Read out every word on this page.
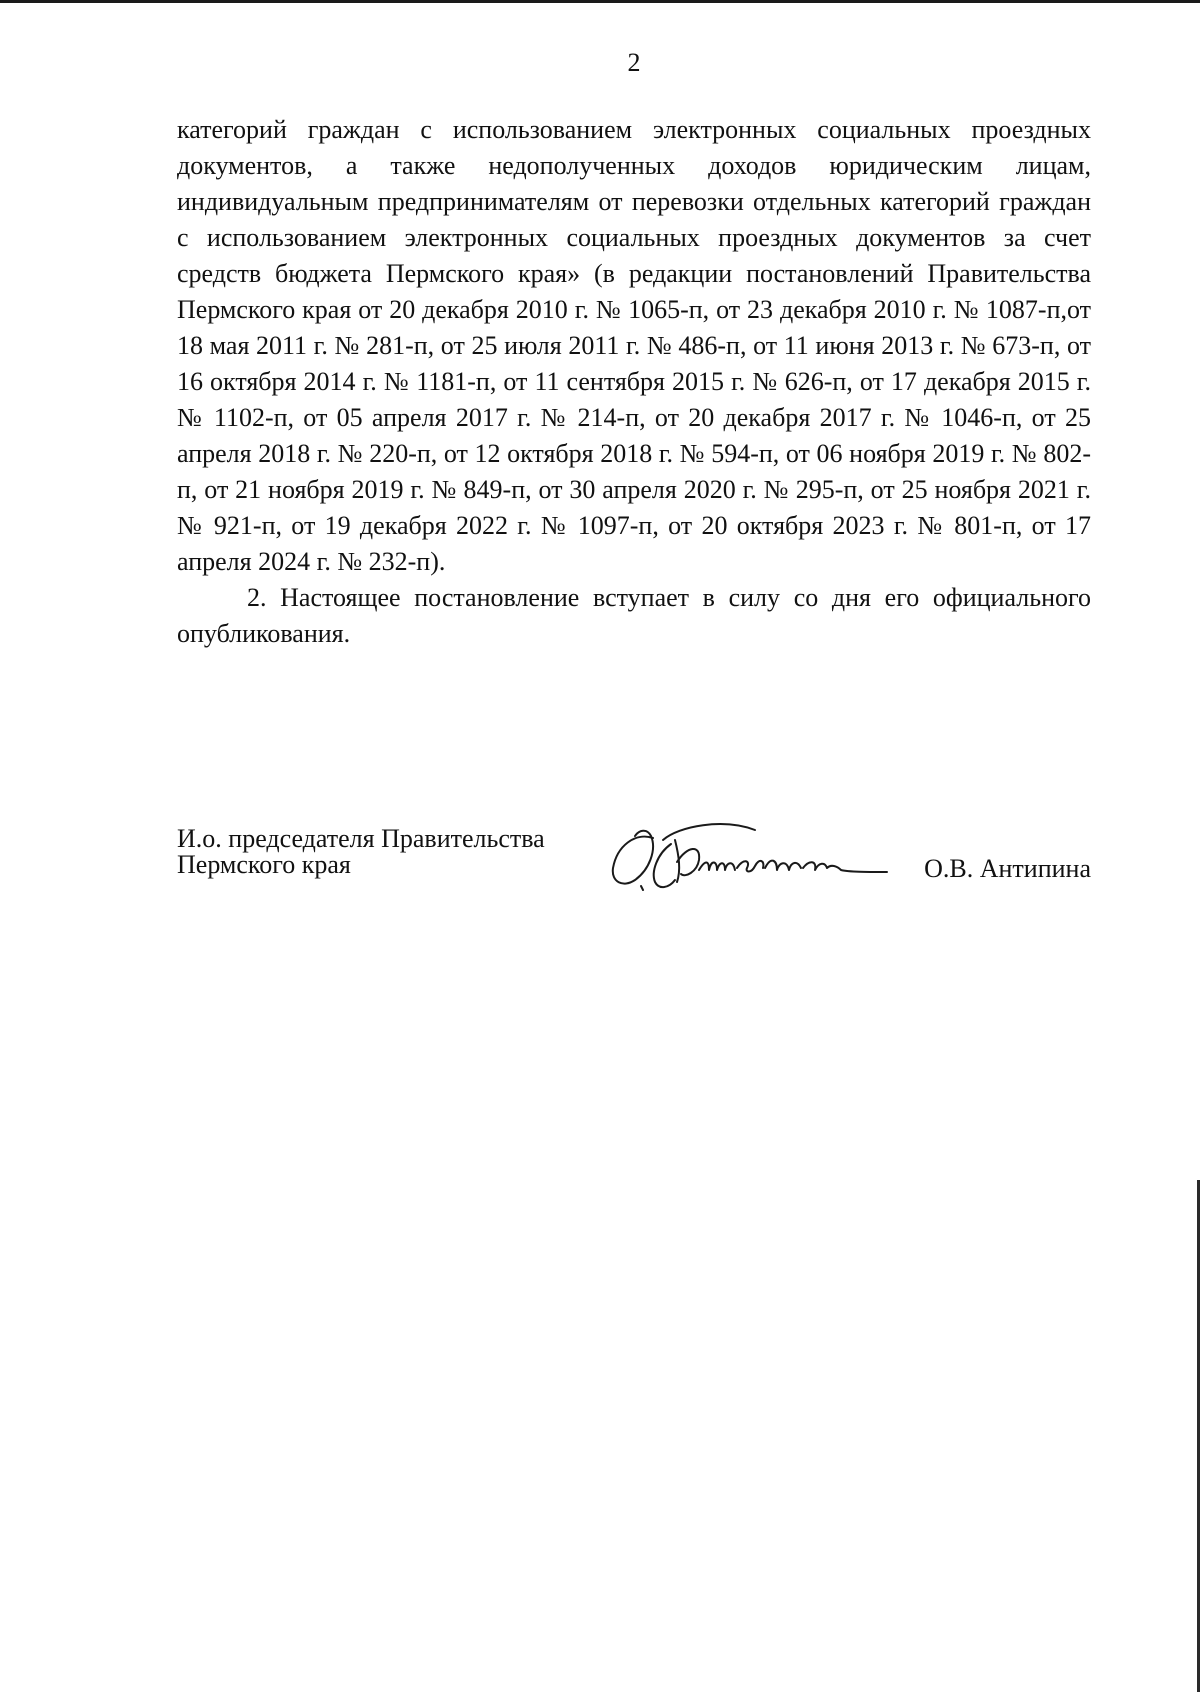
2

категорий граждан с использованием электронных социальных проездных документов, а также недополученных доходов юридическим лицам, индивидуальным предпринимателям от перевозки отдельных категорий граждан с использованием электронных социальных проездных документов за счет средств бюджета Пермского края» (в редакции постановлений Правительства Пермского края от 20 декабря 2010 г. № 1065-п, от 23 декабря 2010 г. № 1087-п,от 18 мая 2011 г. № 281-п, от 25 июля 2011 г. № 486-п, от 11 июня 2013 г. № 673-п, от 16 октября 2014 г. № 1181-п, от 11 сентября 2015 г. № 626-п, от 17 декабря 2015 г. № 1102-п, от 05 апреля 2017 г. № 214-п, от 20 декабря 2017 г. № 1046-п, от 25 апреля 2018 г. № 220-п, от 12 октября 2018 г. № 594-п, от 06 ноября 2019 г. № 802-п, от 21 ноября 2019 г. № 849-п, от 30 апреля 2020 г. № 295-п, от 25 ноября 2021 г. № 921-п, от 19 декабря 2022 г. № 1097-п, от 20 октября 2023 г. № 801-п, от 17 апреля 2024 г. № 232-п).

2. Настоящее постановление вступает в силу со дня его официального опубликования.

И.о. председателя Правительства
Пермского края	О.В. Антипина
